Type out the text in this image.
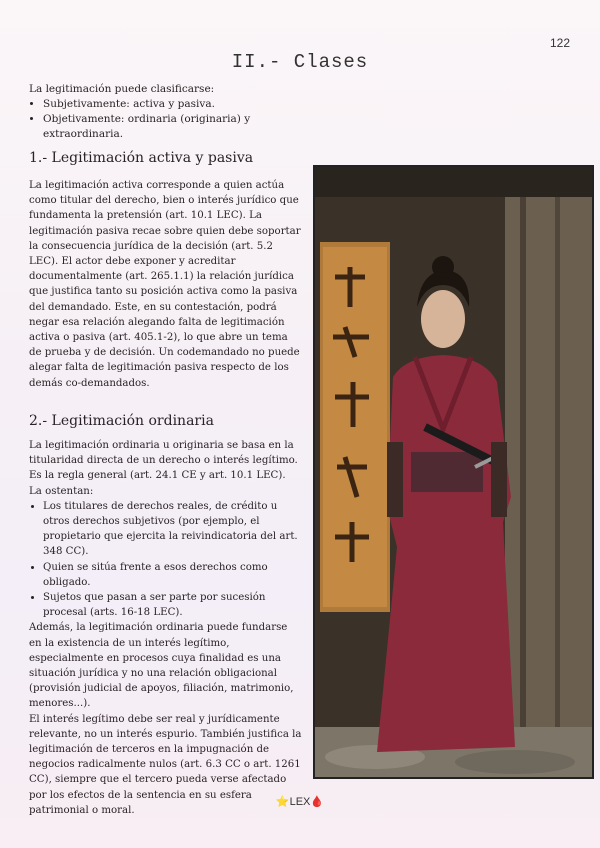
122
II.- Clases
La legitimación puede clasificarse:
• Subjetivamente: activa y pasiva.
• Objetivamente: ordinaria (originaria) y extraordinaria.
1.- Legitimación activa y pasiva

La legitimación activa corresponde a quien actúa como titular del derecho, bien o interés jurídico que fundamenta la pretensión (art. 10.1 LEC). La legitimación pasiva recae sobre quien debe soportar la consecuencia jurídica de la decisión (art. 5.2 LEC). El actor debe exponer y acreditar documentalmente (art. 265.1.1) la relación jurídica que justifica tanto su posición activa como la pasiva del demandado. Este, en su contestación, podrá negar esa relación alegando falta de legitimación activa o pasiva (art. 405.1-2), lo que abre un tema de prueba y de decisión. Un codemandado no puede alegar falta de legitimación pasiva respecto de los demás co-demandados.

2.- Legitimación ordinaria

La legitimación ordinaria u originaria se basa en la titularidad directa de un derecho o interés legítimo. Es la regla general (art. 24.1 CE y art. 10.1 LEC).

La ostentan:

• Los titulares de derechos reales, de crédito u otros derechos subjetivos (por ejemplo, el propietario que ejercita la reivindicatoria del art. 348 CC).
• Quien se sitúa frente a esos derechos como obligado.
• Sujetos que pasan a ser parte por sucesión procesal (arts. 16-18 LEC).

Además, la legitimación ordinaria puede fundarse en la existencia de un interés legítimo, especialmente en procesos cuya finalidad es una situación jurídica y no una relación obligacional (provisión judicial de apoyos, filiación, matrimonio, menores...).

El interés legítimo debe ser real y jurídicamente relevante, no un interés espurio. También justifica la legitimación de terceros en la impugnación de negocios radicalmente nulos (art. 6.3 CC o art. 1261 CC), siempre que el tercero pueda verse afectado por los efectos de la sentencia en su esfera patrimonial o moral.

⭐LEX🩸
